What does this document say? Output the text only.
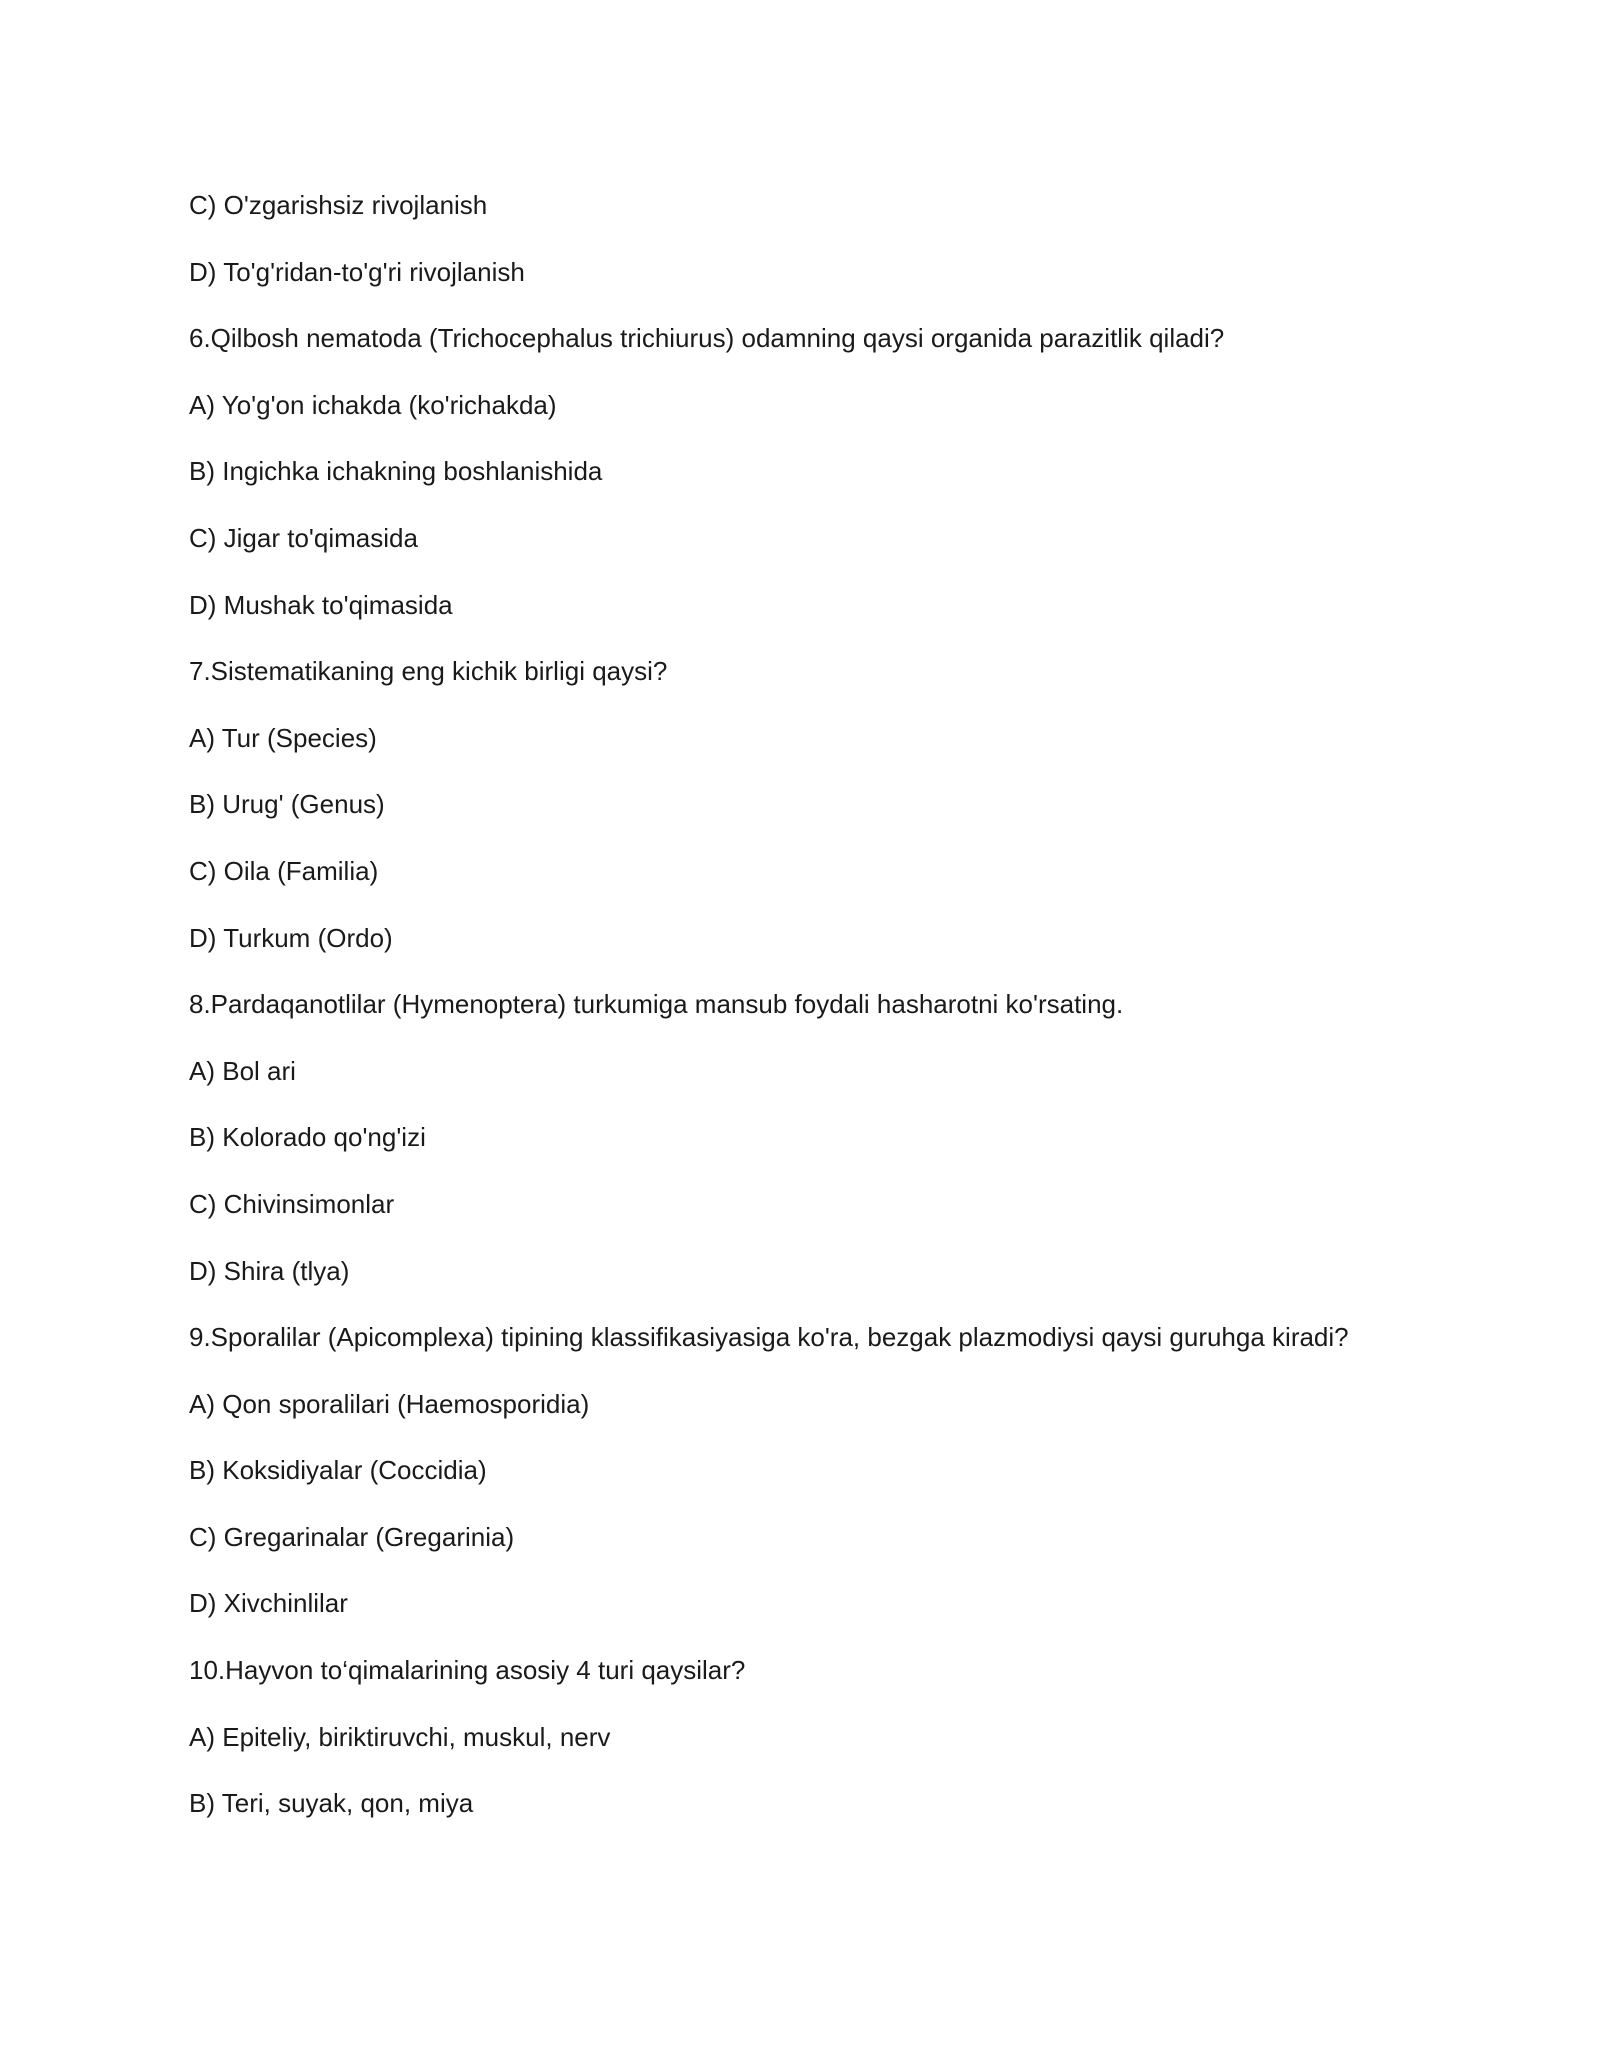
C) O'zgarishsiz rivojlanish
D) To'g'ridan-to'g'ri rivojlanish
6.Qilbosh nematoda (Trichocephalus trichiurus) odamning qaysi organida parazitlik qiladi?
A) Yo'g'on ichakda (ko'richakda)
B) Ingichka ichakning boshlanishida
C) Jigar to'qimasida
D) Mushak to'qimasida
7.Sistematikaning eng kichik birligi qaysi?
A) Tur (Species)
B) Urug' (Genus)
C) Oila (Familia)
D) Turkum (Ordo)
8.Pardaqanotlilar (Hymenoptera) turkumiga mansub foydali hasharotni ko'rsating.
A) Bol ari
B) Kolorado qo'ng'izi
C) Chivinsimonlar
D) Shira (tlya)
9.Sporalilar (Apicomplexa) tipining klassifikasiyasiga ko'ra, bezgak plazmodiysi qaysi guruhga kiradi?
A) Qon sporalilari (Haemosporidia)
B) Koksidiyalar (Coccidia)
C) Gregarinalar (Gregarinia)
D) Xivchinlilar
10.Hayvon to‘qimalarining asosiy 4 turi qaysilar?
A) Epiteliy, biriktiruvchi, muskul, nerv
B) Teri, suyak, qon, miya
